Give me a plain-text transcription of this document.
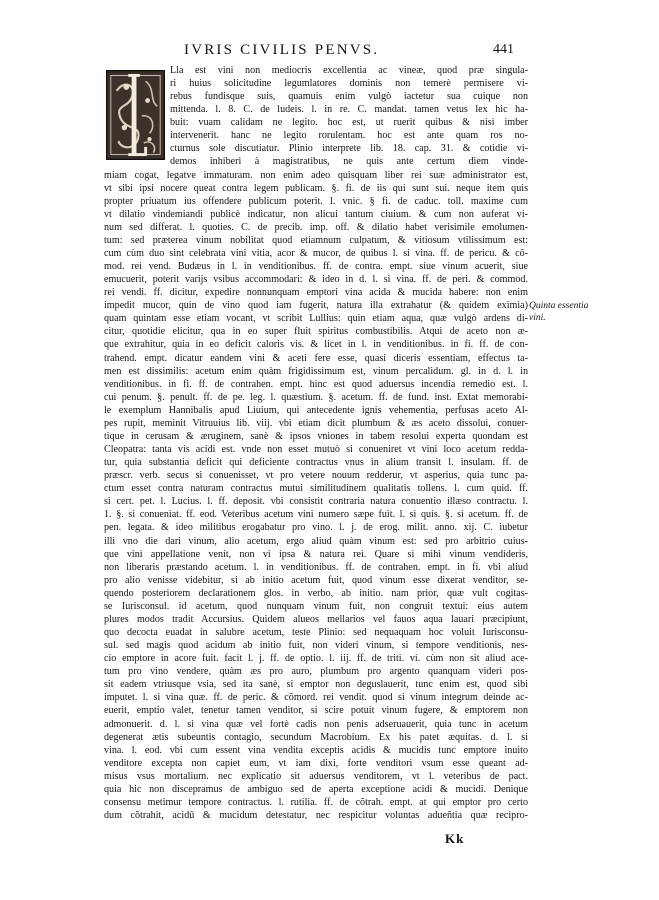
IVRIS CIVILIS PENVS.	441
Lla est vini non mediocris excellentia ac vineæ, quod præ singula-
ri huius solicitudine legumlatores dominis non temerè permisere vi-
rebus fundisque suis, quamuis enim vulgò iactetur sua cuique non
mittenda. l. 8. C. de ludeis. l. in re. C. mandat. tamen vetus lex hic ha-
buit: vuam calidam ne legito. hoc est, ut ruerit quibus & nisi imber
intervenerit. hanc ne legito rorulentam. hoc est ante quam ros no-
cturnus sole discutiatur. Plinio interprete lib. 18. cap. 31. & cotidie vi-
demos inhiberi à magistratibus, ne quis ante certum diem vinde-
miam cogat, legatve immaturam. non enim adeo quisquam liber rei suæ administrator est,
vt sibi ipsi nocere queat contra legem publicam. §. fi. de iis qui sunt sui. neque item quis
propter priuatum ius offendere publicum poterit. l. vnic. § fi. de caduc. toll. maxime cum
vt dilatio vindemiandi publicè indicatur, non alicui tantum ciuium. & cum non auferat vi-
num sed differat. l. quoties. C. de precib. imp. off. & dilatio habet verisimile emolumen-
tum: sed præterea vinum nobilitat quod etiamnum culpatum, & vitiosum vtilissimum est:
cum cùm duo sint celebrata vini vitia, acor & mucor, de quibus l. si vina. ff. de pericu. & cõ-
mod. rei vend. Budæus in l. in venditionibus. ff. de contra. empt. siue vinum acuerit, siue
emucuerit, poterit varijs vsibus accommodari: & ideo in d. l. si vina. ff. de peri. & commod.
rei vendi. ff. dicitur, expedire nonnunquam emptori vina acida & mucida habere: non enim
impedit mucor, quin de vino quod iam fugerit, natura illa extrahatur (& quidem eximia)
quam quintam esse etiam vocant, vt scribit Lullius: quin etiam aqua, quæ vulgò ardens di-
citur, quotidie elicitur, qua in eo super fluit spiritus combustibilis. Atqui de aceto non æ-
que extrahitur, quia in eo deficit caloris vis. & licet in l. in venditionibus. in fi. ff. de con-
trahend. empt. dicatur eandem vini & aceti fere esse, quasi diceris essentiam, effectus ta-
men est dissimilis: acetum enim quàm frigidissimum est, vinum percalidum. gl. in d. l. in
venditionibus. in fi. ff. de contrahen. empt. hinc est quod aduersus incendia remedio est. l.
cui penum. §. penult. ff. de pe. leg. l. quæstium. §. acetum. ff. de fund. inst. Extat memorabi-
le exemplum Hannibalis apud Liuium, qui antecedente ignis vehementia, perfusas aceto Al-
pes rupit, meminit Vitruuius lib. viij. vbi etiam dicit plumbum & æs aceto dissolui, conuer-
tique in cerusam & æruginem, sanè & ipsos vniones in tabem resolui experta quondam est
Cleopatra: tanta vis acidi est. vnde non esset mutuò si conueniret vt vini loco acetum redda-
tur, quia substantia deficit qui deficiente contractus vnus in alium transit l. insulam. ff. de
præscr. verb. secus si conuenisset, vt pro vetere nouum redderur, vt asperius, quia tunc pa-
ctum esset contra naturam contractus mutui similitudinem qualitatis tollens. l. cum quid. ff.
si cert. pet. l. Lucius. l. ff. deposit. vbi consistit contraria natura conuentio illæso contractu. l.
1. §. si conueniat. ff. eod. Veteribus acetum vini numero sæpe fuit. l. si quis. §. si acetum. ff. de
pen. legata. & ideo militibus erogabatur pro vino. l. j. de erog. milit. anno. xij. C. iubetur
illi vno die dari vinum, alio acetum, ergo aliud quàm vinum est: sed pro arbitrio cuius-
que vini appellatione venit, non vi ipsa & natura rei. Quare si mihi vinum vendideris,
non liberaris præstando acetum. l. in venditionibus. ff. de contrahen. empt. in fi. vbi aliud
pro alio venisse videbitur, si ab initio acetum fuit, quod vinum esse dixerat venditor, se-
quendo posteriorem declarationem glos. in verbo, ab initio. nam prior, quæ vult cogitas-
se Iurisconsul. id acetum, quod nunquam vinum fuit, non congruit textui: eius autem
plures modos tradit Accursius. Quidem alueos mellarios vel fauos aqua lauari præcipiunt,
quo decocta euadat in salubre acetum, teste Plinio: sed nequaquam hoc voluit Iurisconsu-
sul. sed magis quod acidum ab initio fuit, non videri vinum, si tempore venditionis, nes-
cio emptore in acore fuit. facit l. j. ff. de optio. l. iij. ff. de triti. vi. cùm non sit aliud ace-
tum pro vino vendere, quàm æs pro auro, plumbum pro argento quanquam videri pos-
sit eadem vtriusque vsia, sed ita sanè, si emptor non deguslauerit, tunc enim est, quod sibi
imputet. l. si vina quæ. ff. de peric. & cõmord. rei vendit. quod si vinum integrum deinde ac-
euerit, emptio valet, tenetur tamen venditor, si scire potuit vinum fugere, & emptorem non
admonuerit. d. l. si vina quæ vel fortè cadis non penis adseruauerit, quia tunc in acetum
degenerat ætis subeuntis contagio, secundum Macrobium. Ex his patet æquitas. d. l. si
vina. l. eod. vbi cum essent vina vendita exceptis acidis & mucidis tunc emptore inuito
venditore excepta non capiet eum, vt iam dixi, forte venditori vsum esse queant ad-
misus vsus mortalium. nec explicatio sit aduersus venditorem, vt l. veteribus de pact.
quia hic non discepramus de ambiguo sed de aperta exceptione acidi & mucidi. Denique
consensu metimur tempore contractus. l. rutilia. ff. de cõtrah. empt. at qui emptor pro certo
dum cõtrahit, acidū & mucidum detestatur, nec respicitur voluntas adueñtia quæ recipro-
Quinta essentia vini.
Kk
